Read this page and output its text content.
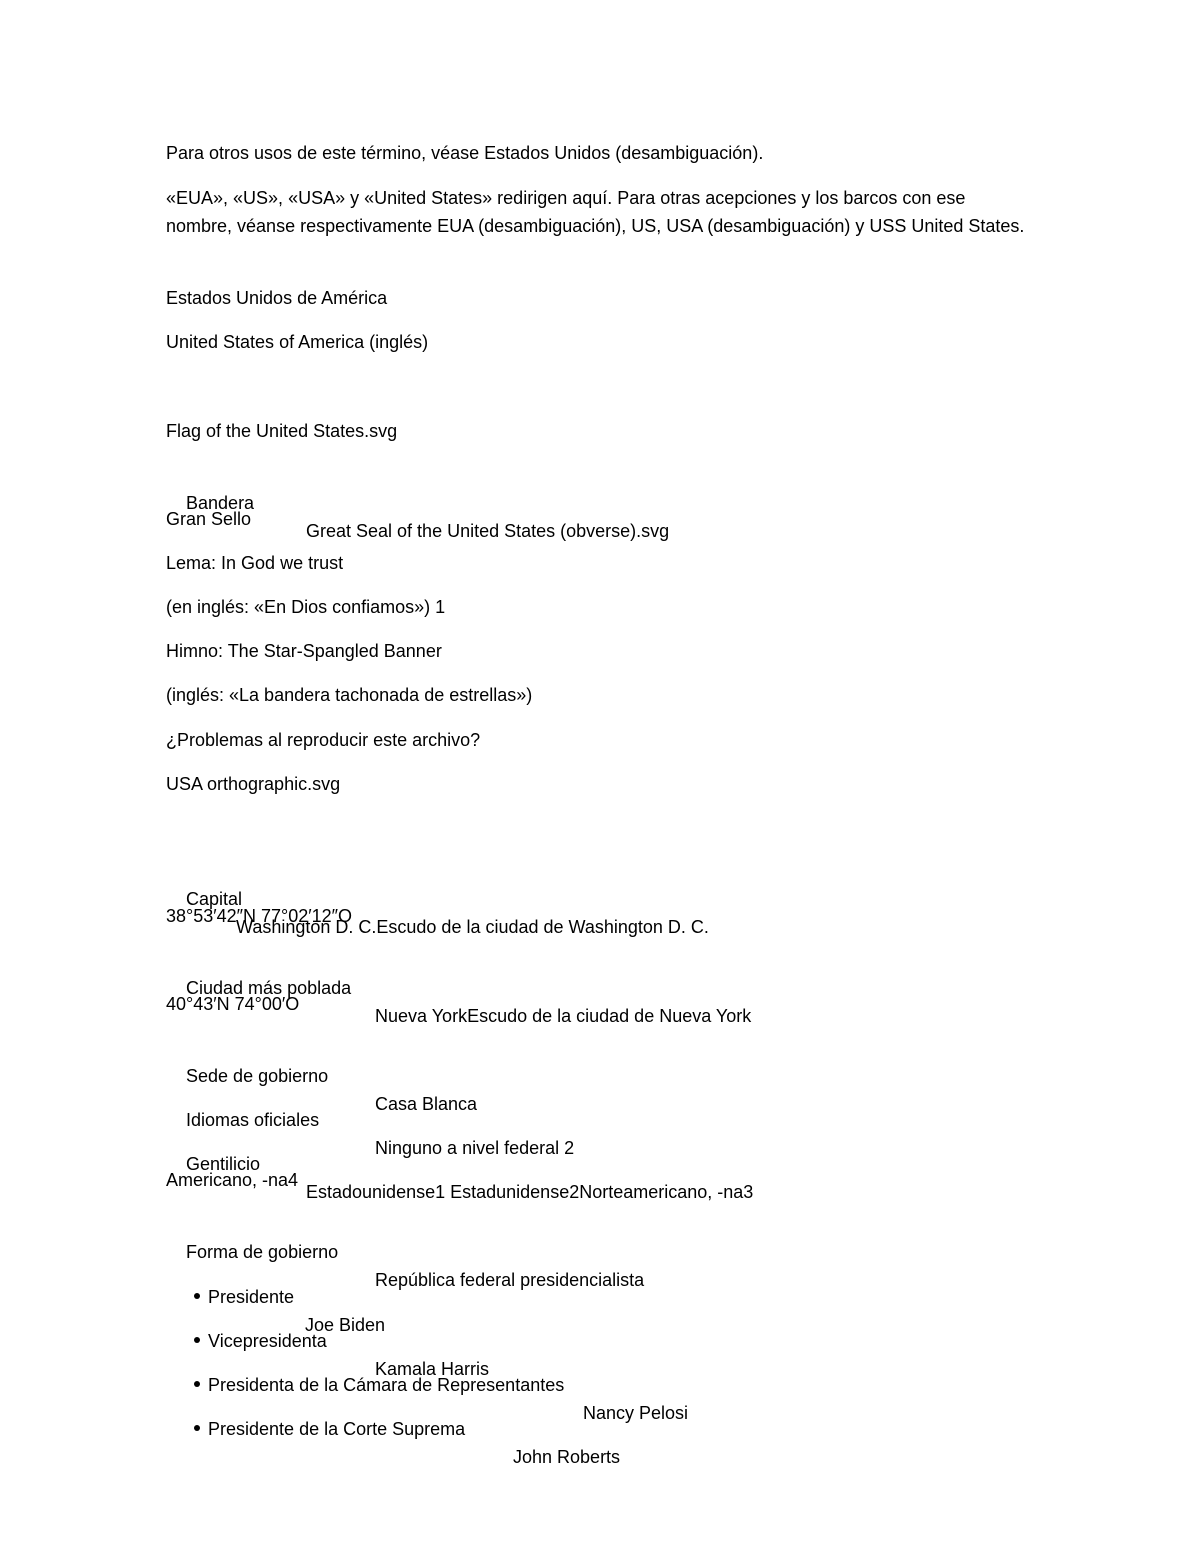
Para otros usos de este término, véase Estados Unidos (desambiguación).
«EUA», «US», «USA» y «United States» redirigen aquí. Para otras acepciones y los barcos con ese nombre, véanse respectivamente EUA (desambiguación), US, USA (desambiguación) y USS United States.
Estados Unidos de América
United States of America (inglés)
Flag of the United States.svg

Bandera

Great Seal of the United States (obverse).svg

Gran Sello
Lema: In God we trust
(en inglés: «En Dios confiamos») 1
Himno: The Star-Spangled Banner
(inglés: «La bandera tachonada de estrellas»)
¿Problemas al reproducir este archivo?
USA orthographic.svg

Capital

Washington D. C.Escudo de la ciudad de Washington D. C.

38°53′42″N 77°02′12″O

Ciudad más poblada

Nueva YorkEscudo de la ciudad de Nueva York

40°43′N 74°00′O

Sede de gobierno

Casa Blanca

Idiomas oficiales

Ninguno a nivel federal 2

Gentilicio

Estadounidense1 Estadunidense2Norteamericano, -na3

Americano, -na4

Forma de gobierno

República federal presidencialista

Presidente

Joe Biden

Vicepresidenta

Kamala Harris

Presidenta de la Cámara de Representantes

Nancy Pelosi

Presidente de la Corte Suprema

John Roberts
